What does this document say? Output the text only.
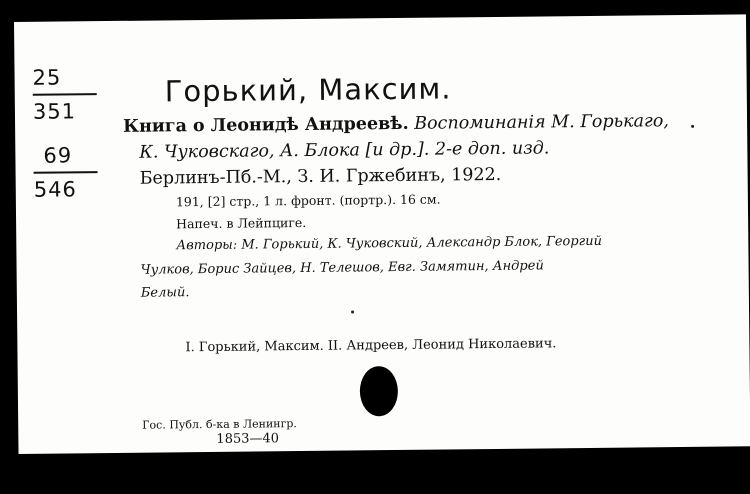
25
351
69
546
Горький, Максим.
Книга о Леонидѣ Андреевѣ. Воспоминанія М. Горькаго,
К. Чуковскаго, А. Блока [и др.]. 2-е доп. изд.
Берлинъ-Пб.-М., З. И. Гржебинъ, 1922.
191, [2] стр., 1 л. фронт. (портр.). 16 см.
Напеч. в Лейпциге.
Авторы: М. Горький, К. Чуковский, Александр Блок, Георгий
Чулков, Борис Зайцев, Н. Телешов, Евг. Замятин, Андрей
Белый.
I. Горький, Максим. II. Андреев, Леонид Николаевич.
Гос. Публ. б-ка в Ленингр.
1853—40
